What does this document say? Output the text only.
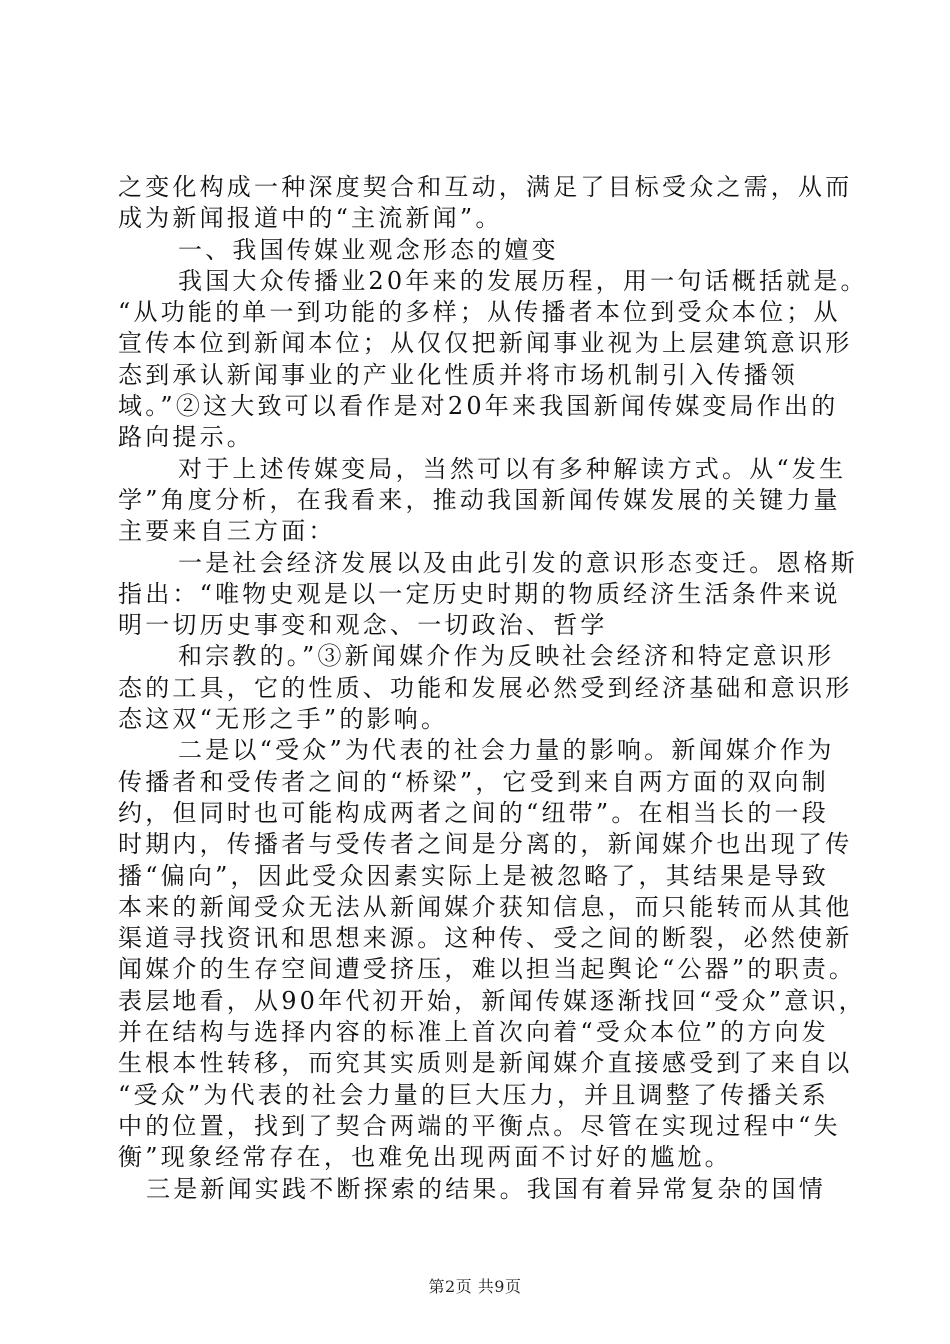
之变化构成一种深度契合和互动，满足了目标受众之需，从而
成为新闻报道中的“主流新闻”。
一、我国传媒业观念形态的嬗变
我国大众传播业20年来的发展历程，用一句话概括就是。
“从功能的单一到功能的多样；从传播者本位到受众本位；从
宣传本位到新闻本位；从仅仅把新闻事业视为上层建筑意识形
态到承认新闻事业的产业化性质并将市场机制引入传播领
域。”②这大致可以看作是对20年来我国新闻传媒变局作出的
路向提示。
对于上述传媒变局，当然可以有多种解读方式。从“发生
学”角度分析，在我看来，推动我国新闻传媒发展的关键力量
主要来自三方面：
一是社会经济发展以及由此引发的意识形态变迁。恩格斯
指出：“唯物史观是以一定历史时期的物质经济生活条件来说
明一切历史事变和观念、一切政治、哲学
和宗教的。”③新闻媒介作为反映社会经济和特定意识形
态的工具，它的性质、功能和发展必然受到经济基础和意识形
态这双“无形之手”的影响。
二是以“受众”为代表的社会力量的影响。新闻媒介作为
传播者和受传者之间的“桥梁”，它受到来自两方面的双向制
约，但同时也可能构成两者之间的“纽带”。在相当长的一段
时期内，传播者与受传者之间是分离的，新闻媒介也出现了传
播“偏向”，因此受众因素实际上是被忽略了，其结果是导致
本来的新闻受众无法从新闻媒介获知信息，而只能转而从其他
渠道寻找资讯和思想来源。这种传、受之间的断裂，必然使新
闻媒介的生存空间遭受挤压，难以担当起舆论“公器”的职责。
表层地看，从90年代初开始，新闻传媒逐渐找回“受众”意识，
并在结构与选择内容的标准上首次向着“受众本位”的方向发
生根本性转移，而究其实质则是新闻媒介直接感受到了来自以
“受众”为代表的社会力量的巨大压力，并且调整了传播关系
中的位置，找到了契合两端的平衡点。尽管在实现过程中“失
衡”现象经常存在，也难免出现两面不讨好的尴尬。
三是新闻实践不断探索的结果。我国有着异常复杂的国情
第2页 共9页
